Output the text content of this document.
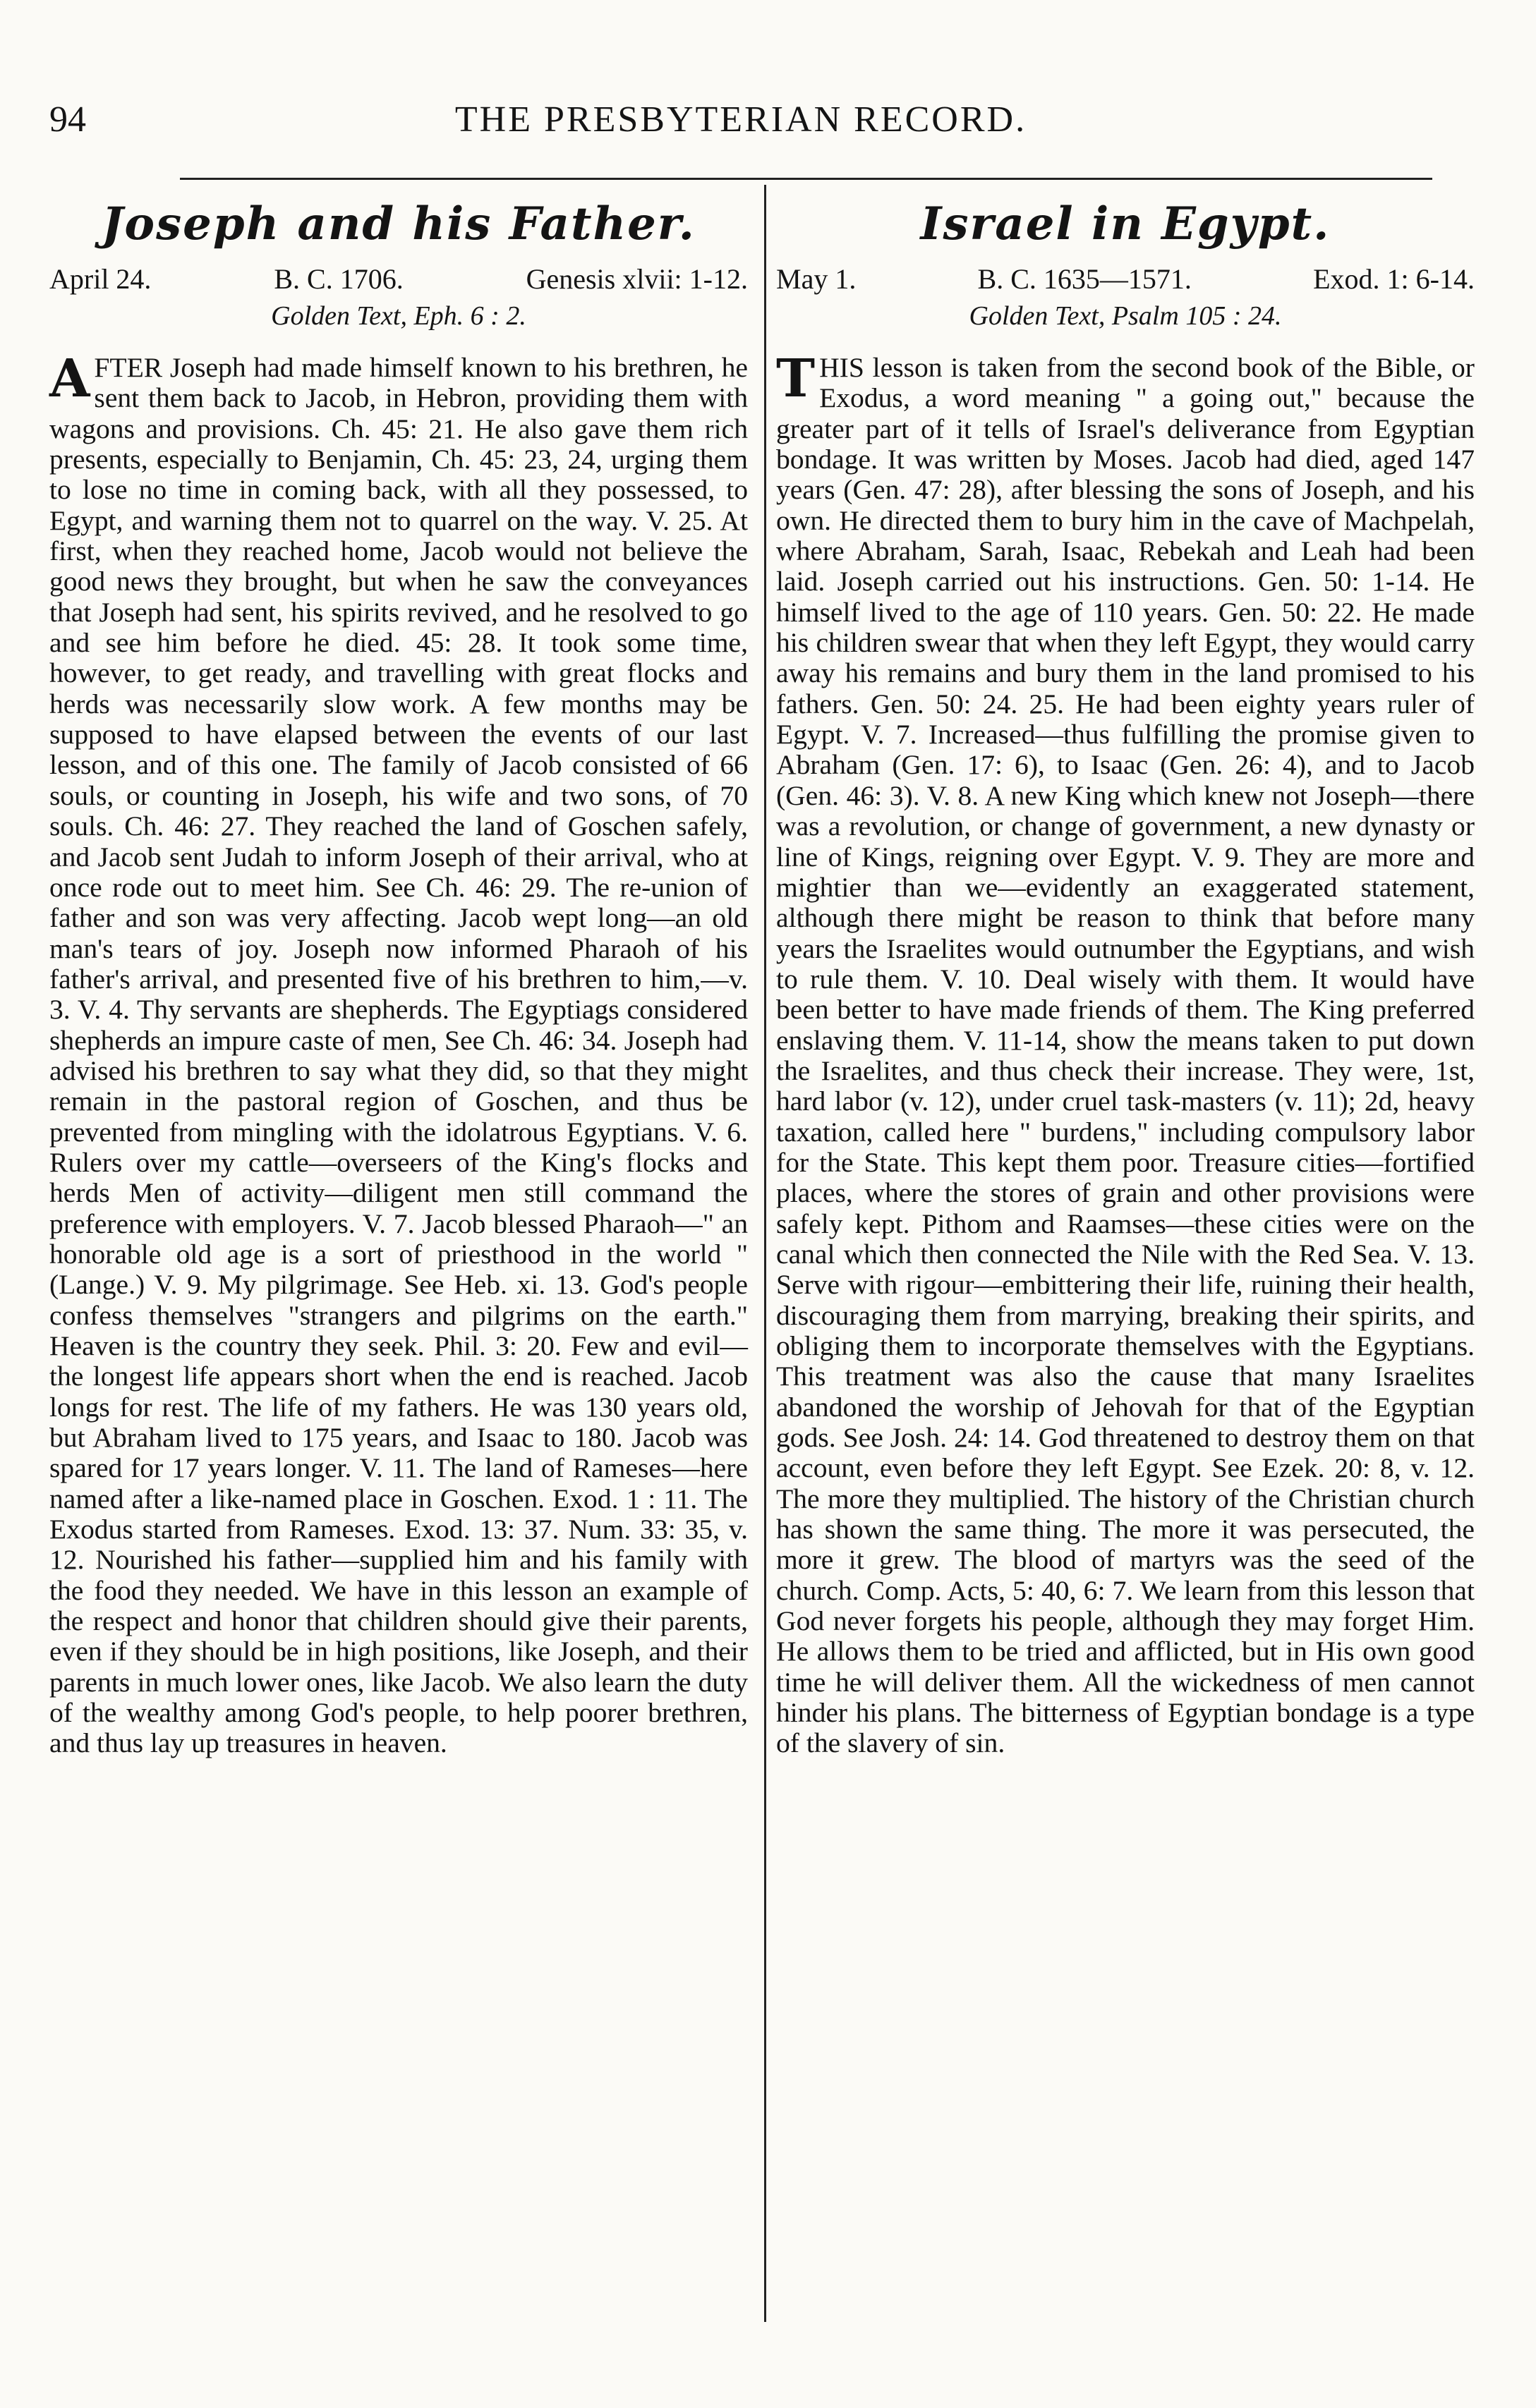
94	THE PRESBYTERIAN RECORD.
Joseph and his Father.
April 24.	B. C. 1706.	Genesis xlvii: 1-12.
Golden Text, Eph. 6 : 2.
AFTER Joseph had made himself known to his brethren, he sent them back to Jacob, in Hebron, providing them with wagons and provisions. Ch. 45: 21. He also gave them rich presents, especially to Benjamin, Ch. 45: 23, 24, urging them to lose no time in coming back, with all they possessed, to Egypt, and warning them not to quarrel on the way. V. 25. At first, when they reached home, Jacob would not believe the good news they brought, but when he saw the conveyances that Joseph had sent, his spirits revived, and he resolved to go and see him before he died. 45: 28. It took some time, however, to get ready, and travelling with great flocks and herds was necessarily slow work. A few months may be supposed to have elapsed between the events of our last lesson, and of this one. The family of Jacob consisted of 66 souls, or counting in Joseph, his wife and two sons, of 70 souls. Ch. 46: 27. They reached the land of Goschen safely, and Jacob sent Judah to inform Joseph of their arrival, who at once rode out to meet him. See Ch. 46: 29. The re-union of father and son was very affecting. Jacob wept long—an old man's tears of joy. Joseph now informed Pharaoh of his father's arrival, and presented five of his brethren to him,—v. 3. V. 4. Thy servants are shepherds. The Egyptiags considered shepherds an impure caste of men, See Ch. 46: 34. Joseph had advised his brethren to say what they did, so that they might remain in the pastoral region of Goschen, and thus be prevented from mingling with the idolatrous Egyptians. V. 6. Rulers over my cattle—overseers of the King's flocks and herds Men of activity—diligent men still command the preference with employers. V. 7. Jacob blessed Pharaoh—" an honorable old age is a sort of priesthood in the world " (Lange.) V. 9. My pilgrimage. See Heb. xi. 13. God's people confess themselves "strangers and pilgrims on the earth." Heaven is the country they seek. Phil. 3: 20. Few and evil—the longest life appears short when the end is reached. Jacob longs for rest. The life of my fathers. He was 130 years old, but Abraham lived to 175 years, and Isaac to 180. Jacob was spared for 17 years longer. V. 11. The land of Rameses—here named after a like-named place in Goschen. Exod. 1 : 11. The Exodus started from Rameses. Exod. 13: 37. Num. 33: 35, v. 12. Nourished his father—supplied him and his family with the food they needed. We have in this lesson an example of the respect and honor that children should give their parents, even if they should be in high positions, like Joseph, and their parents in much lower ones, like Jacob. We also learn the duty of the wealthy among God's people, to help poorer brethren, and thus lay up treasures in heaven.
Israel in Egypt.
May 1.	B. C. 1635—1571.	Exod. 1: 6-14.
Golden Text, Psalm 105 : 24.
THIS lesson is taken from the second book of the Bible, or Exodus, a word meaning " a going out," because the greater part of it tells of Israel's deliverance from Egyptian bondage. It was written by Moses. Jacob had died, aged 147 years (Gen. 47: 28), after blessing the sons of Joseph, and his own. He directed them to bury him in the cave of Machpelah, where Abraham, Sarah, Isaac, Rebekah and Leah had been laid. Joseph carried out his instructions. Gen. 50: 1-14. He himself lived to the age of 110 years. Gen. 50: 22. He made his children swear that when they left Egypt, they would carry away his remains and bury them in the land promised to his fathers. Gen. 50: 24. 25. He had been eighty years ruler of Egypt. V. 7. Increased—thus fulfilling the promise given to Abraham (Gen. 17: 6), to Isaac (Gen. 26: 4), and to Jacob (Gen. 46: 3). V. 8. A new King which knew not Joseph—there was a revolution, or change of government, a new dynasty or line of Kings, reigning over Egypt. V. 9. They are more and mightier than we—evidently an exaggerated statement, although there might be reason to think that before many years the Israelites would outnumber the Egyptians, and wish to rule them. V. 10. Deal wisely with them. It would have been better to have made friends of them. The King preferred enslaving them. V. 11-14, show the means taken to put down the Israelites, and thus check their increase. They were, 1st, hard labor (v. 12), under cruel task-masters (v. 11); 2d, heavy taxation, called here " burdens," including compulsory labor for the State. This kept them poor. Treasure cities—fortified places, where the stores of grain and other provisions were safely kept. Pithom and Raamses—these cities were on the canal which then connected the Nile with the Red Sea. V. 13. Serve with rigour—embittering their life, ruining their health, discouraging them from marrying, breaking their spirits, and obliging them to incorporate themselves with the Egyptians. This treatment was also the cause that many Israelites abandoned the worship of Jehovah for that of the Egyptian gods. See Josh. 24: 14. God threatened to destroy them on that account, even before they left Egypt. See Ezek. 20: 8, v. 12. The more they multiplied. The history of the Christian church has shown the same thing. The more it was persecuted, the more it grew. The blood of martyrs was the seed of the church. Comp. Acts, 5: 40, 6: 7. We learn from this lesson that God never forgets his people, although they may forget Him. He allows them to be tried and afflicted, but in His own good time he will deliver them. All the wickedness of men cannot hinder his plans. The bitterness of Egyptian bondage is a type of the slavery of sin.
